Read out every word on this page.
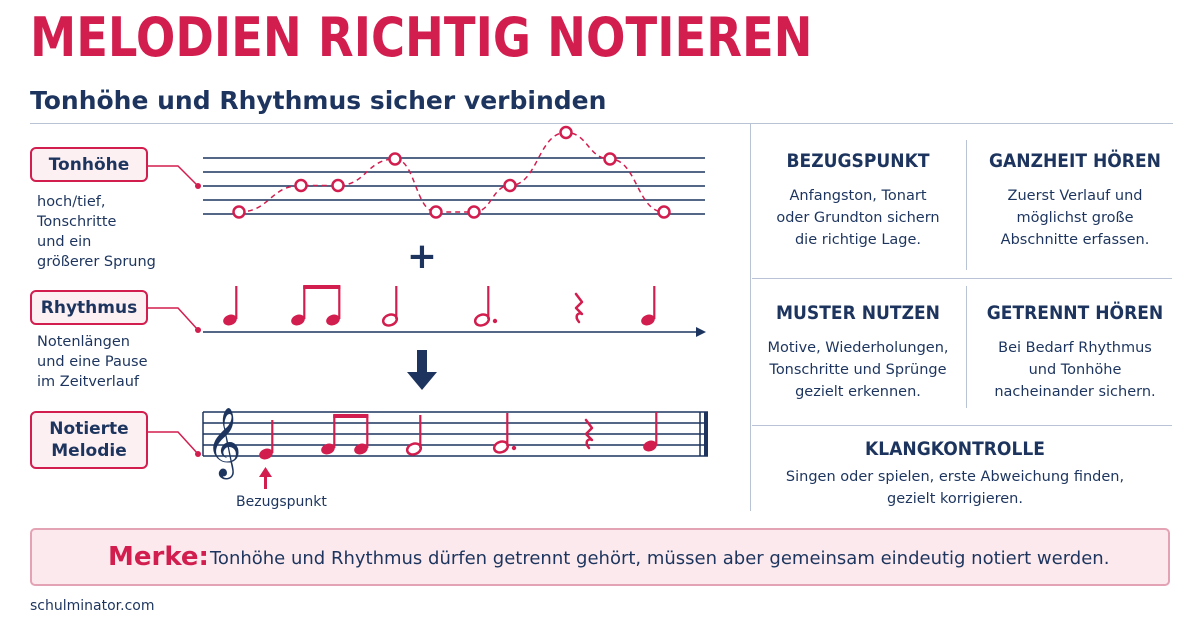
MELODIEN RICHTIG NOTIEREN
Tonhöhe und Rhythmus sicher verbinden
Tonhöhe
hoch/tief,
Tonschritte
und ein
größerer Sprung
Rhythmus
Notenlängen
und eine Pause
im Zeitverlauf
Notierte
Melodie
Bezugspunkt
+
𝄞
BEZUGSPUNKT
Anfangston, Tonart
oder Grundton sichern
die richtige Lage.
GANZHEIT HÖREN
Zuerst Verlauf und
möglichst große
Abschnitte erfassen.
MUSTER NUTZEN
Motive, Wiederholungen,
Tonschritte und Sprünge
gezielt erkennen.
GETRENNT HÖREN
Bei Bedarf Rhythmus
und Tonhöhe
nacheinander sichern.
KLANGKONTROLLE
Singen oder spielen, erste Abweichung finden,
gezielt korrigieren.
Merke: Tonhöhe und Rhythmus dürfen getrennt gehört, müssen aber gemeinsam eindeutig notiert werden.
schulminator.com
